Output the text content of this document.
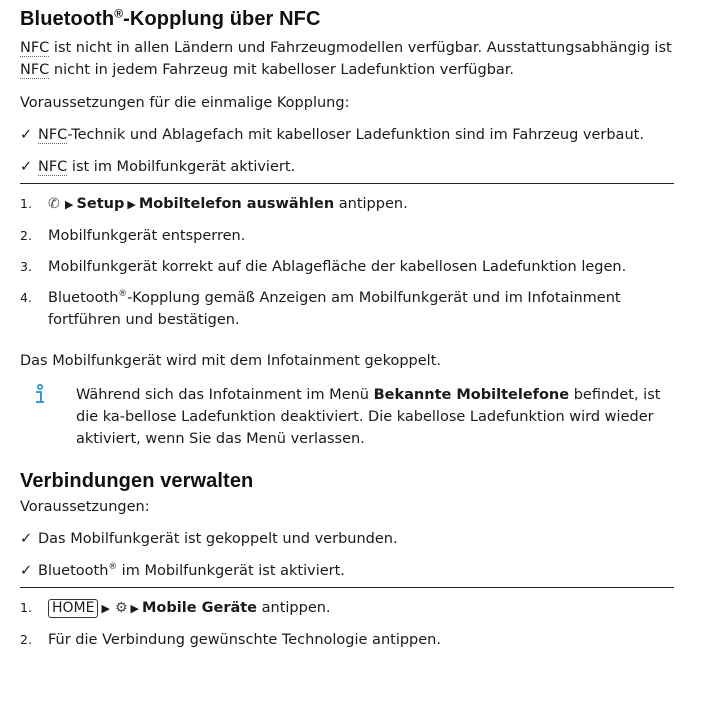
Bluetooth®-Kopplung über NFC

NFC ist nicht in allen Ländern und Fahrzeugmodellen verfügbar. Ausstattungsabhängig ist NFC nicht in jedem Fahrzeug mit kabelloser Ladefunktion verfügbar.

Voraussetzungen für die einmalige Kopplung:

✓ NFC-Technik und Ablagefach mit kabelloser Ladefunktion sind im Fahrzeug verbaut.
✓ NFC ist im Mobilfunkgerät aktiviert.
1.	✆ ▶ Setup ▶ Mobiltelefon auswählen antippen.
2.	Mobilfunkgerät entsperren.
3.	Mobilfunkgerät korrekt auf die Ablagefläche der kabellosen Ladefunktion legen.
4.	Bluetooth®-Kopplung gemäß Anzeigen am Mobilfunkgerät und im Infotainment fortführen und bestätigen.

Das Mobilfunkgerät wird mit dem Infotainment gekoppelt.

Während sich das Infotainment im Menü Bekannte Mobiltelefone befindet, ist die ka-bellose Ladefunktion deaktiviert. Die kabellose Ladefunktion wird wieder aktiviert, wenn Sie das Menü verlassen.

Verbindungen verwalten

Voraussetzungen:

✓ Das Mobilfunkgerät ist gekoppelt und verbunden.
✓ Bluetooth® im Mobilfunkgerät ist aktiviert.
1.	HOME ▶ ⚙ ▶ Mobile Geräte antippen.
2.	Für die Verbindung gewünschte Technologie antippen.
